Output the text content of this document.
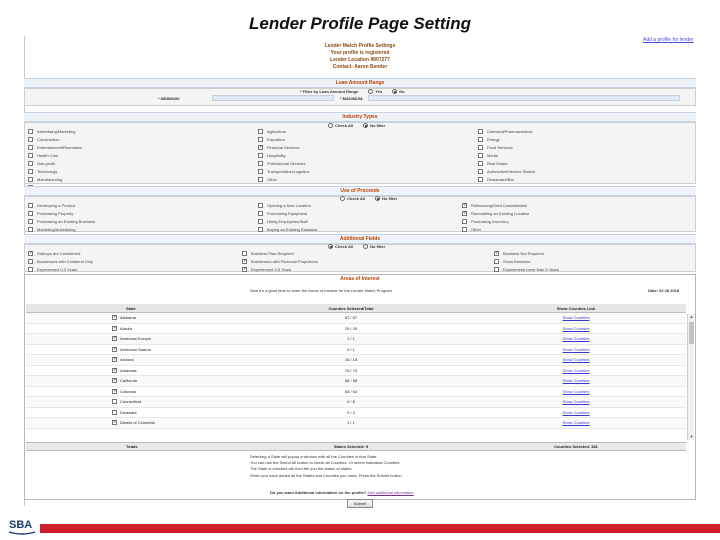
Lender Profile Page Setting
Add a profile for lender
Lender Match Profile Settings
Your profile is registered
Lender Location 9807277
Contact: Aaron Bender
Loan Amount Range
* Filter by Loan Amount Range	Yes	No
* MINIMUM:	* MAXIMUM:
Industry Types
Check All	No filter
Advertising/Marketing	Agriculture	Chemical/Pharmaceutical
Construction	Education	Energy
Entertainment/Recreation ✓	Financial Services	Food Services
Health Care	Hospitality	Media
Non-profit	Professional Services	Real Estate
Technology	Transportation/Logistics	Automotive/Service Station
Manufacturing	Other	Restaurant/Bar
Use of Proceeds
Check All	No filter
Developing a Product	Opening a New Location ✓	Refinancing/Debt Consolidation
Purchasing Property	Purchasing Equipment ✓	Remodeling an Existing Location
Purchasing an Existing Business	Hiring Employees/Staff	Purchasing Inventory
Marketing/Advertising	Buying an Existing Business	Other
Additional Fields
Check All	No filter
✓
Startups are Considered	Business Plan Required ✓	Business Not Required
Businesses with Collateral Only ✓	Businesses with Financial Projections	Show Business
Experienced 0-3 Years ✓	Experienced 3-5 Years	Experienced more than 5 Years
Areas of Interest
Now it's a good time to enter the Areas of Interest for the Lender Match Program	Date: 02 28 2018
State	Counties Selected/Total	Show Counties Link
✓
Alabama	67 / 67	Show Counties
✓
Alaska	29 / 29	Show Counties
✓
American Europe	1 / 1	Show Counties
✓
American Samoa	0 / 1	Show Counties
✓
Arizona	15 / 15	Show Counties
✓
Arkansas	75 / 75	Show Counties
✓
California	58 / 58	Show Counties
✓
Colorado	64 / 64	Show Counties
Connecticut	0 / 8	Show Counties
Delaware	0 / 3	Show Counties
✓
District of Columbia	1 / 1	Show Counties
▲
▼
Totals	States Selected: 9	Counties Selected: 381
Selecting a State will popup a window with all the Counties in that State.
You can use the Select All button to check all Counties. Or select individual Counties.
The State is checked will then tell you the status of states.
When you have added all the States and Counties you need, Press the Submit button.
Do you want Additional information on the profile? Add additional information
Submit
SBA
